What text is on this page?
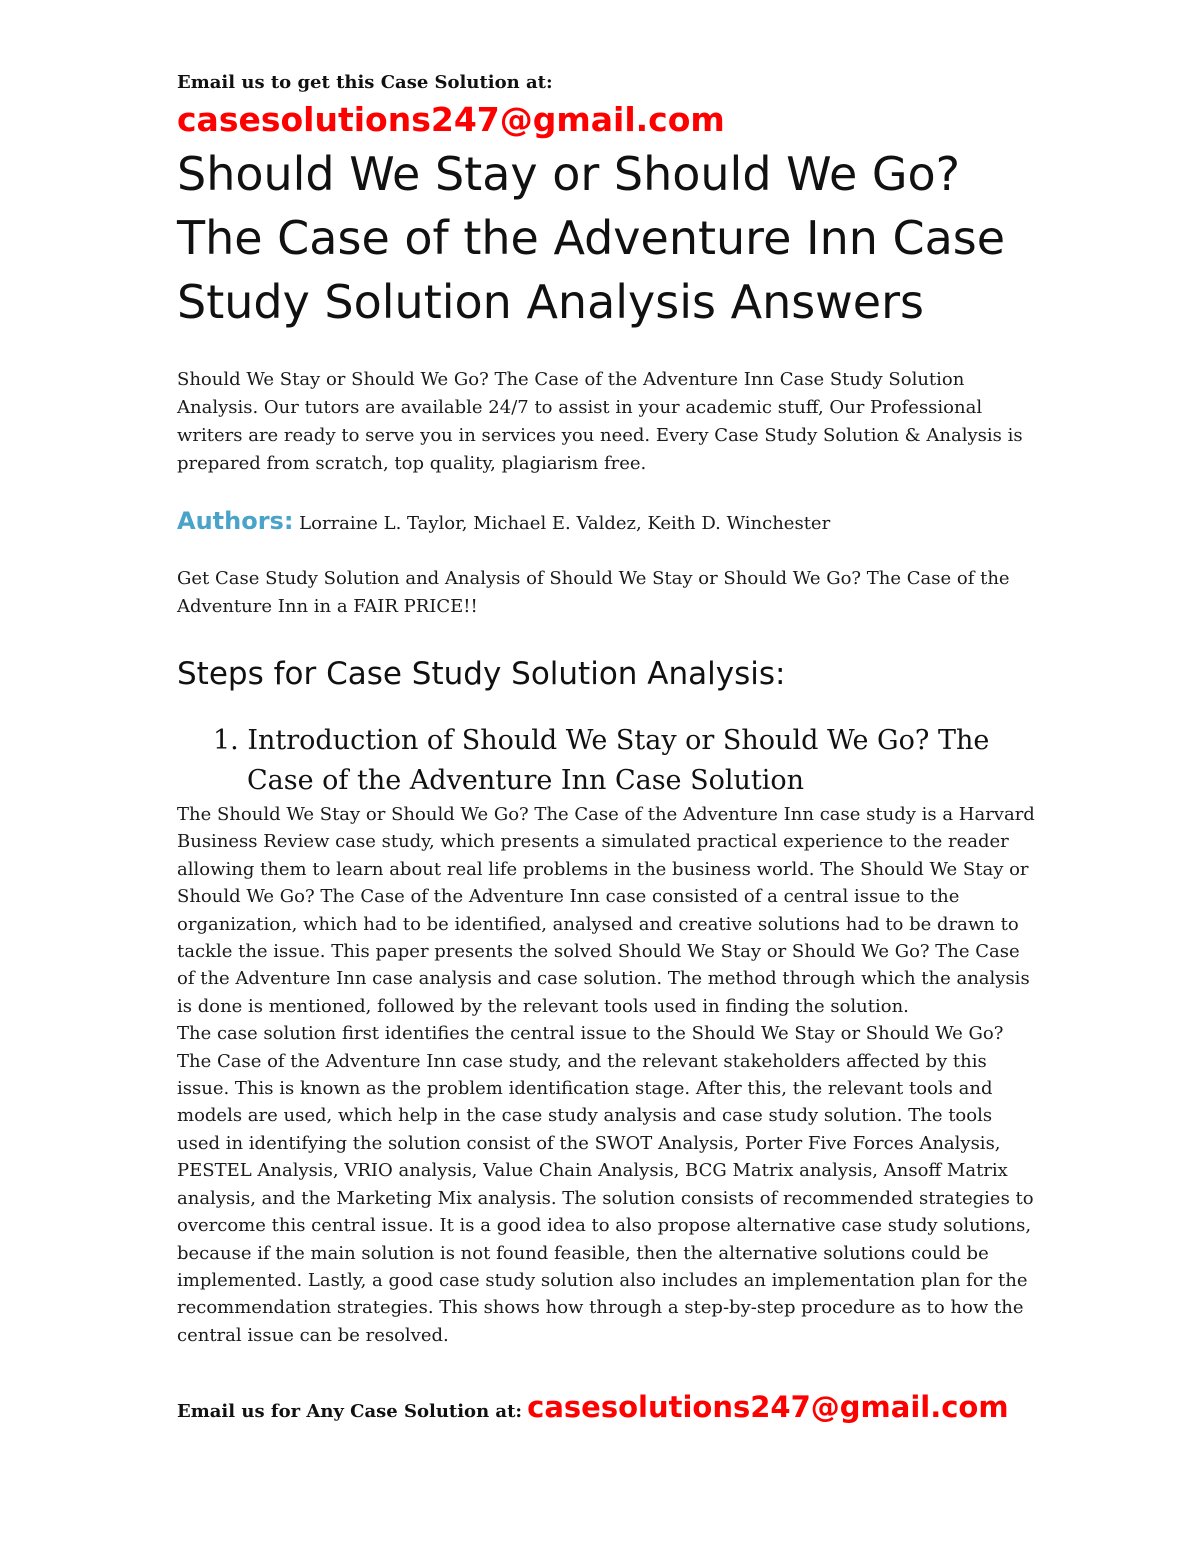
Email us to get this Case Solution at:

casesolutions247@gmail.com

Should We Stay or Should We Go? The Case of the Adventure Inn Case Study Solution Analysis Answers

Should We Stay or Should We Go? The Case of the Adventure Inn Case Study Solution Analysis. Our tutors are available 24/7 to assist in your academic stuff, Our Professional writers are ready to serve you in services you need. Every Case Study Solution & Analysis is prepared from scratch, top quality, plagiarism free.

Authors: Lorraine L. Taylor, Michael E. Valdez, Keith D. Winchester

Get Case Study Solution and Analysis of Should We Stay or Should We Go? The Case of the Adventure Inn in a FAIR PRICE!!

Steps for Case Study Solution Analysis:
1. Introduction of Should We Stay or Should We Go? The Case of the Adventure Inn Case Solution

The Should We Stay or Should We Go? The Case of the Adventure Inn case study is a Harvard Business Review case study, which presents a simulated practical experience to the reader allowing them to learn about real life problems in the business world. The Should We Stay or Should We Go? The Case of the Adventure Inn case consisted of a central issue to the organization, which had to be identified, analysed and creative solutions had to be drawn to tackle the issue. This paper presents the solved Should We Stay or Should We Go? The Case of the Adventure Inn case analysis and case solution. The method through which the analysis is done is mentioned, followed by the relevant tools used in finding the solution.

The case solution first identifies the central issue to the Should We Stay or Should We Go? The Case of the Adventure Inn case study, and the relevant stakeholders affected by this issue. This is known as the problem identification stage. After this, the relevant tools and models are used, which help in the case study analysis and case study solution. The tools used in identifying the solution consist of the SWOT Analysis, Porter Five Forces Analysis, PESTEL Analysis, VRIO analysis, Value Chain Analysis, BCG Matrix analysis, Ansoff Matrix analysis, and the Marketing Mix analysis. The solution consists of recommended strategies to overcome this central issue. It is a good idea to also propose alternative case study solutions, because if the main solution is not found feasible, then the alternative solutions could be implemented. Lastly, a good case study solution also includes an implementation plan for the recommendation strategies. This shows how through a step-by-step procedure as to how the central issue can be resolved.

Email us for Any Case Solution at: casesolutions247@gmail.com
